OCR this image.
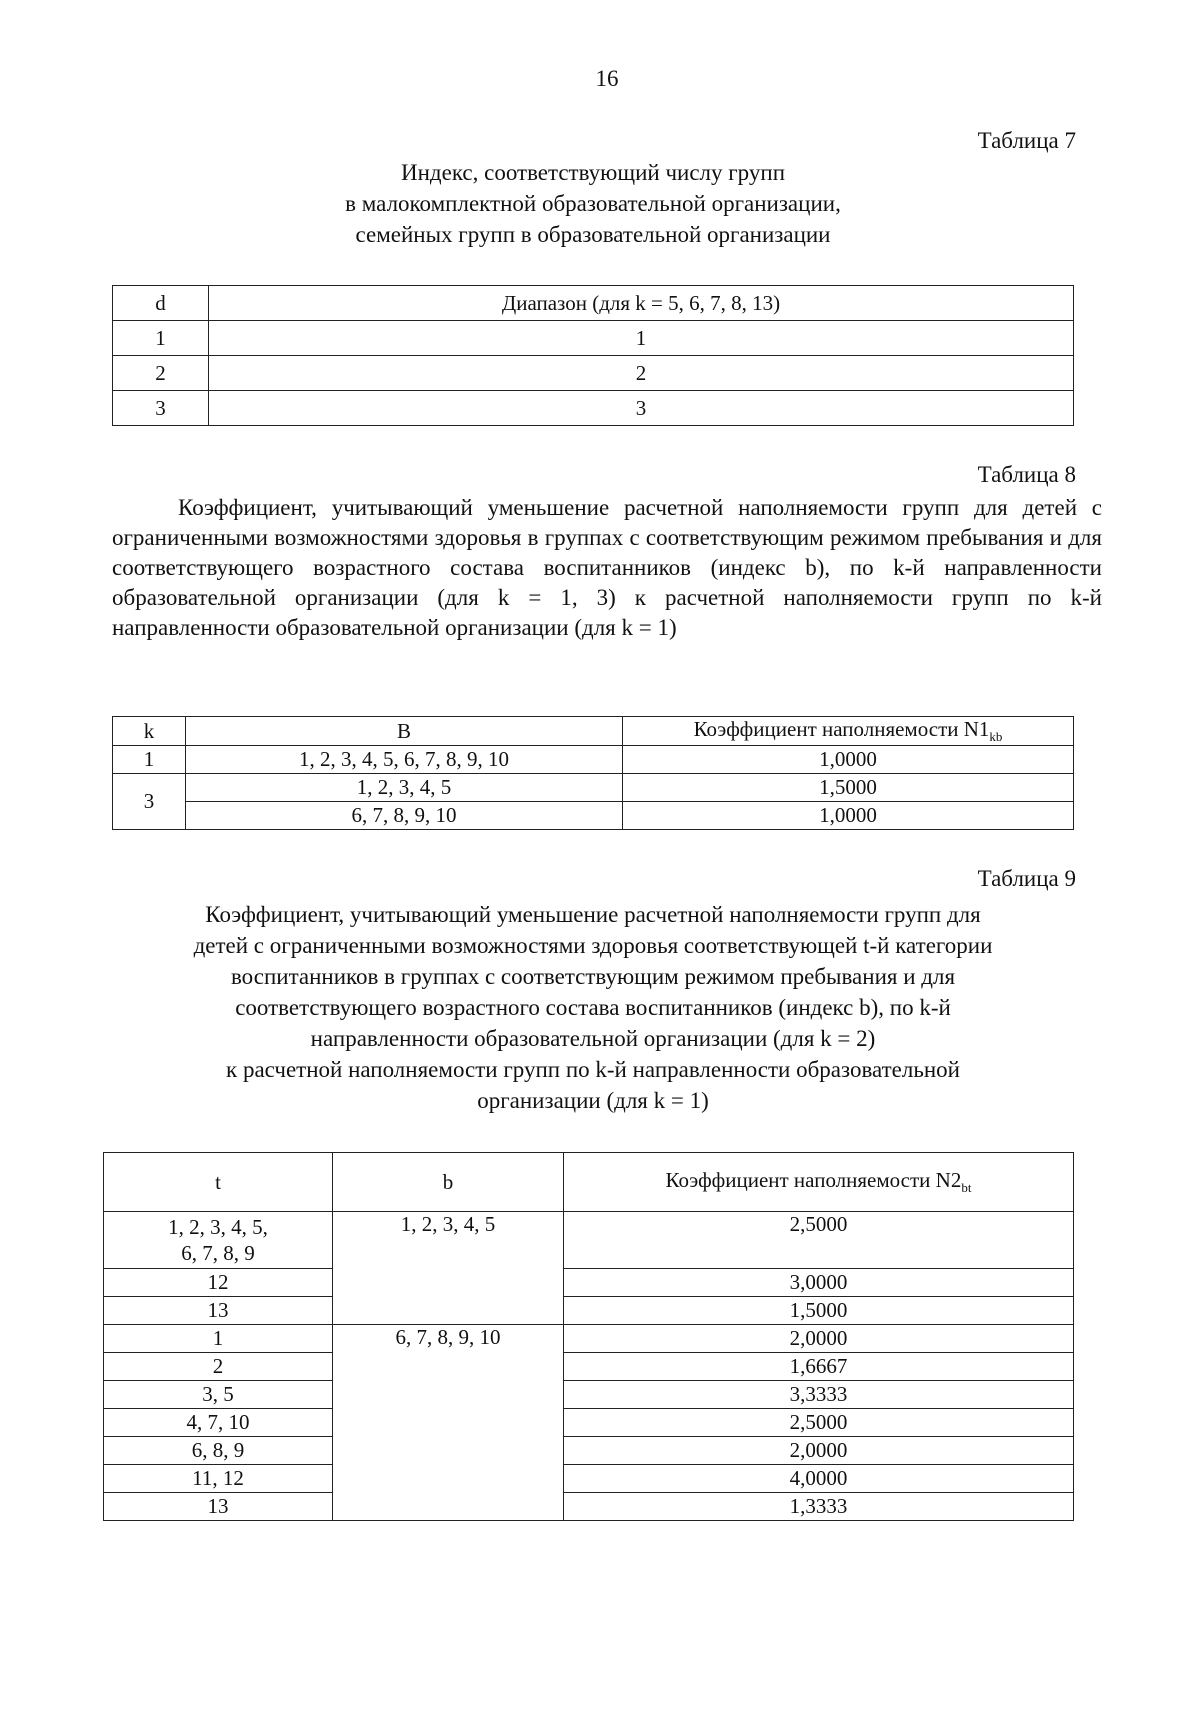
16
Таблица 7
Индекс, соответствующий числу групп
в малокомплектной образовательной организации,
семейных групп в образовательной организации
d	Диапазон (для k = 5, 6, 7, 8, 13)
1	1
2	2
3	3
Таблица 8
Коэффициент, учитывающий уменьшение расчетной наполняемости групп для детей с ограниченными возможностями здоровья в группах с соответствующим режимом пребывания и для соответствующего возрастного состава воспитанников (индекс b), по k-й направленности образовательной организации (для k = 1, 3) к расчетной наполняемости групп по k-й направленности образовательной организации (для k = 1)
k	B	Коэффициент наполняемости $N1_{kb}$
1	1, 2, 3, 4, 5, 6, 7, 8, 9, 10	1,0000
3	1, 2, 3, 4, 5	1,5000
	6, 7, 8, 9, 10	1,0000
Таблица 9
Коэффициент, учитывающий уменьшение расчетной наполняемости групп для
детей с ограниченными возможностями здоровья соответствующей t-й категории
воспитанников в группах с соответствующим режимом пребывания и для
соответствующего возрастного состава воспитанников (индекс b), по k-й
направленности образовательной организации (для k = 2)
к расчетной наполняемости групп по k-й направленности образовательной
организации (для k = 1)
t	b	Коэффициент наполняемости $N2_{bt}$

1, 2, 3, 4, 5,
6, 7, 8, 9	1, 2, 3, 4, 5	2,5000
12		3,0000
13		1,5000
1	6, 7, 8, 9, 10	2,0000
2		1,6667
3, 5		3,3333
4, 7, 10		2,5000
6, 8, 9		2,0000
11, 12		4,0000
13		1,3333
